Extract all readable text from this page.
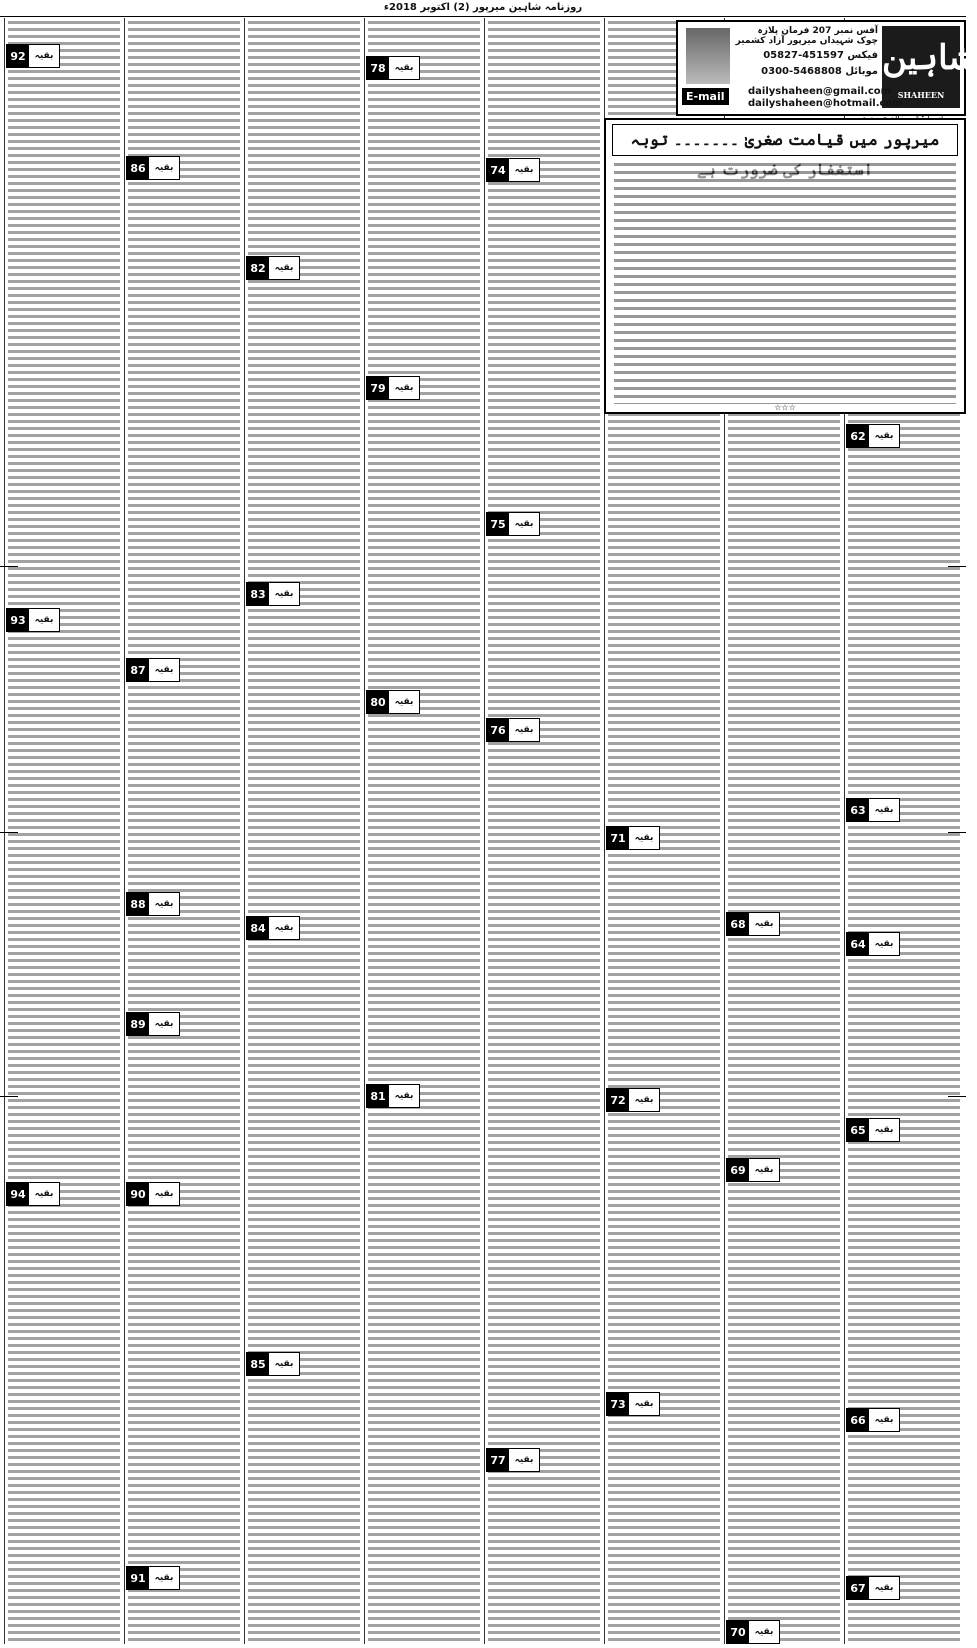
روزنامہ شاہین میرپور (2) اکتوبر 2018ء
شاہین
SHAHEEN
آفس نمبر 207 فرمان پلازہ چوک شہیداں میرپور آزاد کشمیر
05827-451597 فیکس
0300-5468808 موبائل
E-mail	dailyshaheen@gmail.com
dailyshaheen@hotmail.com
میرپور میں قیامت صغریٰ ۔۔۔۔۔۔۔ توبہ
☆☆☆
92 بقیہ
86 بقیہ
78 بقیہ
74 بقیہ
82 بقیہ
79 بقیہ
62 بقیہ
75 بقیہ
93 بقیہ
83 بقیہ
87 بقیہ
80 بقیہ
76 بقیہ
71 بقیہ
63 بقیہ
68 بقیہ
64 بقیہ
84 بقیہ
88 بقیہ
89 بقیہ
81 بقیہ	72 بقیہ
65 بقیہ
69 بقیہ
94 بقیہ	90 بقیہ
85 بقیہ
73 بقیہ
66 بقیہ
77 بقیہ
91 بقیہ
67 بقیہ
70 بقیہ
